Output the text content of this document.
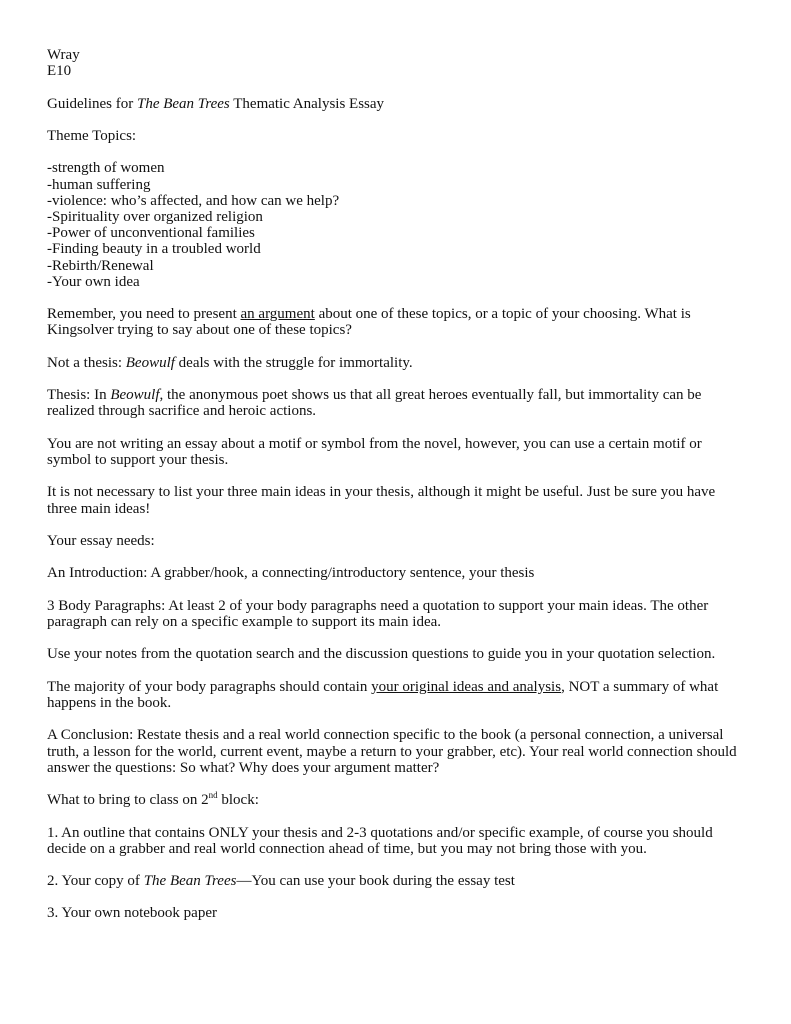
Wray

E10

Guidelines for The Bean Trees Thematic Analysis Essay

Theme Topics:

-strength of women
-human suffering
-violence: who’s affected, and how can we help?
-Spirituality over organized religion
-Power of unconventional families
-Finding beauty in a troubled world
-Rebirth/Renewal
-Your own idea

Remember, you need to present an argument about one of these topics, or a topic of your choosing. What is Kingsolver trying to say about one of these topics?

Not a thesis: Beowulf deals with the struggle for immortality.

Thesis: In Beowulf, the anonymous poet shows us that all great heroes eventually fall, but immortality can be realized through sacrifice and heroic actions.

You are not writing an essay about a motif or symbol from the novel, however, you can use a certain motif or symbol to support your thesis.

It is not necessary to list your three main ideas in your thesis, although it might be useful. Just be sure you have three main ideas!

Your essay needs:

An Introduction: A grabber/hook, a connecting/introductory sentence, your thesis

3 Body Paragraphs: At least 2 of your body paragraphs need a quotation to support your main ideas. The other paragraph can rely on a specific example to support its main idea.

Use your notes from the quotation search and the discussion questions to guide you in your quotation selection.

The majority of your body paragraphs should contain your original ideas and analysis, NOT a summary of what happens in the book.

A Conclusion: Restate thesis and a real world connection specific to the book (a personal connection, a universal truth, a lesson for the world, current event, maybe a return to your grabber, etc). Your real world connection should answer the questions: So what? Why does your argument matter?

What to bring to class on 2nd block:

1. An outline that contains ONLY your thesis and 2-3 quotations and/or specific example, of course you should decide on a grabber and real world connection ahead of time, but you may not bring those with you.

2. Your copy of The Bean Trees—You can use your book during the essay test

3. Your own notebook paper
